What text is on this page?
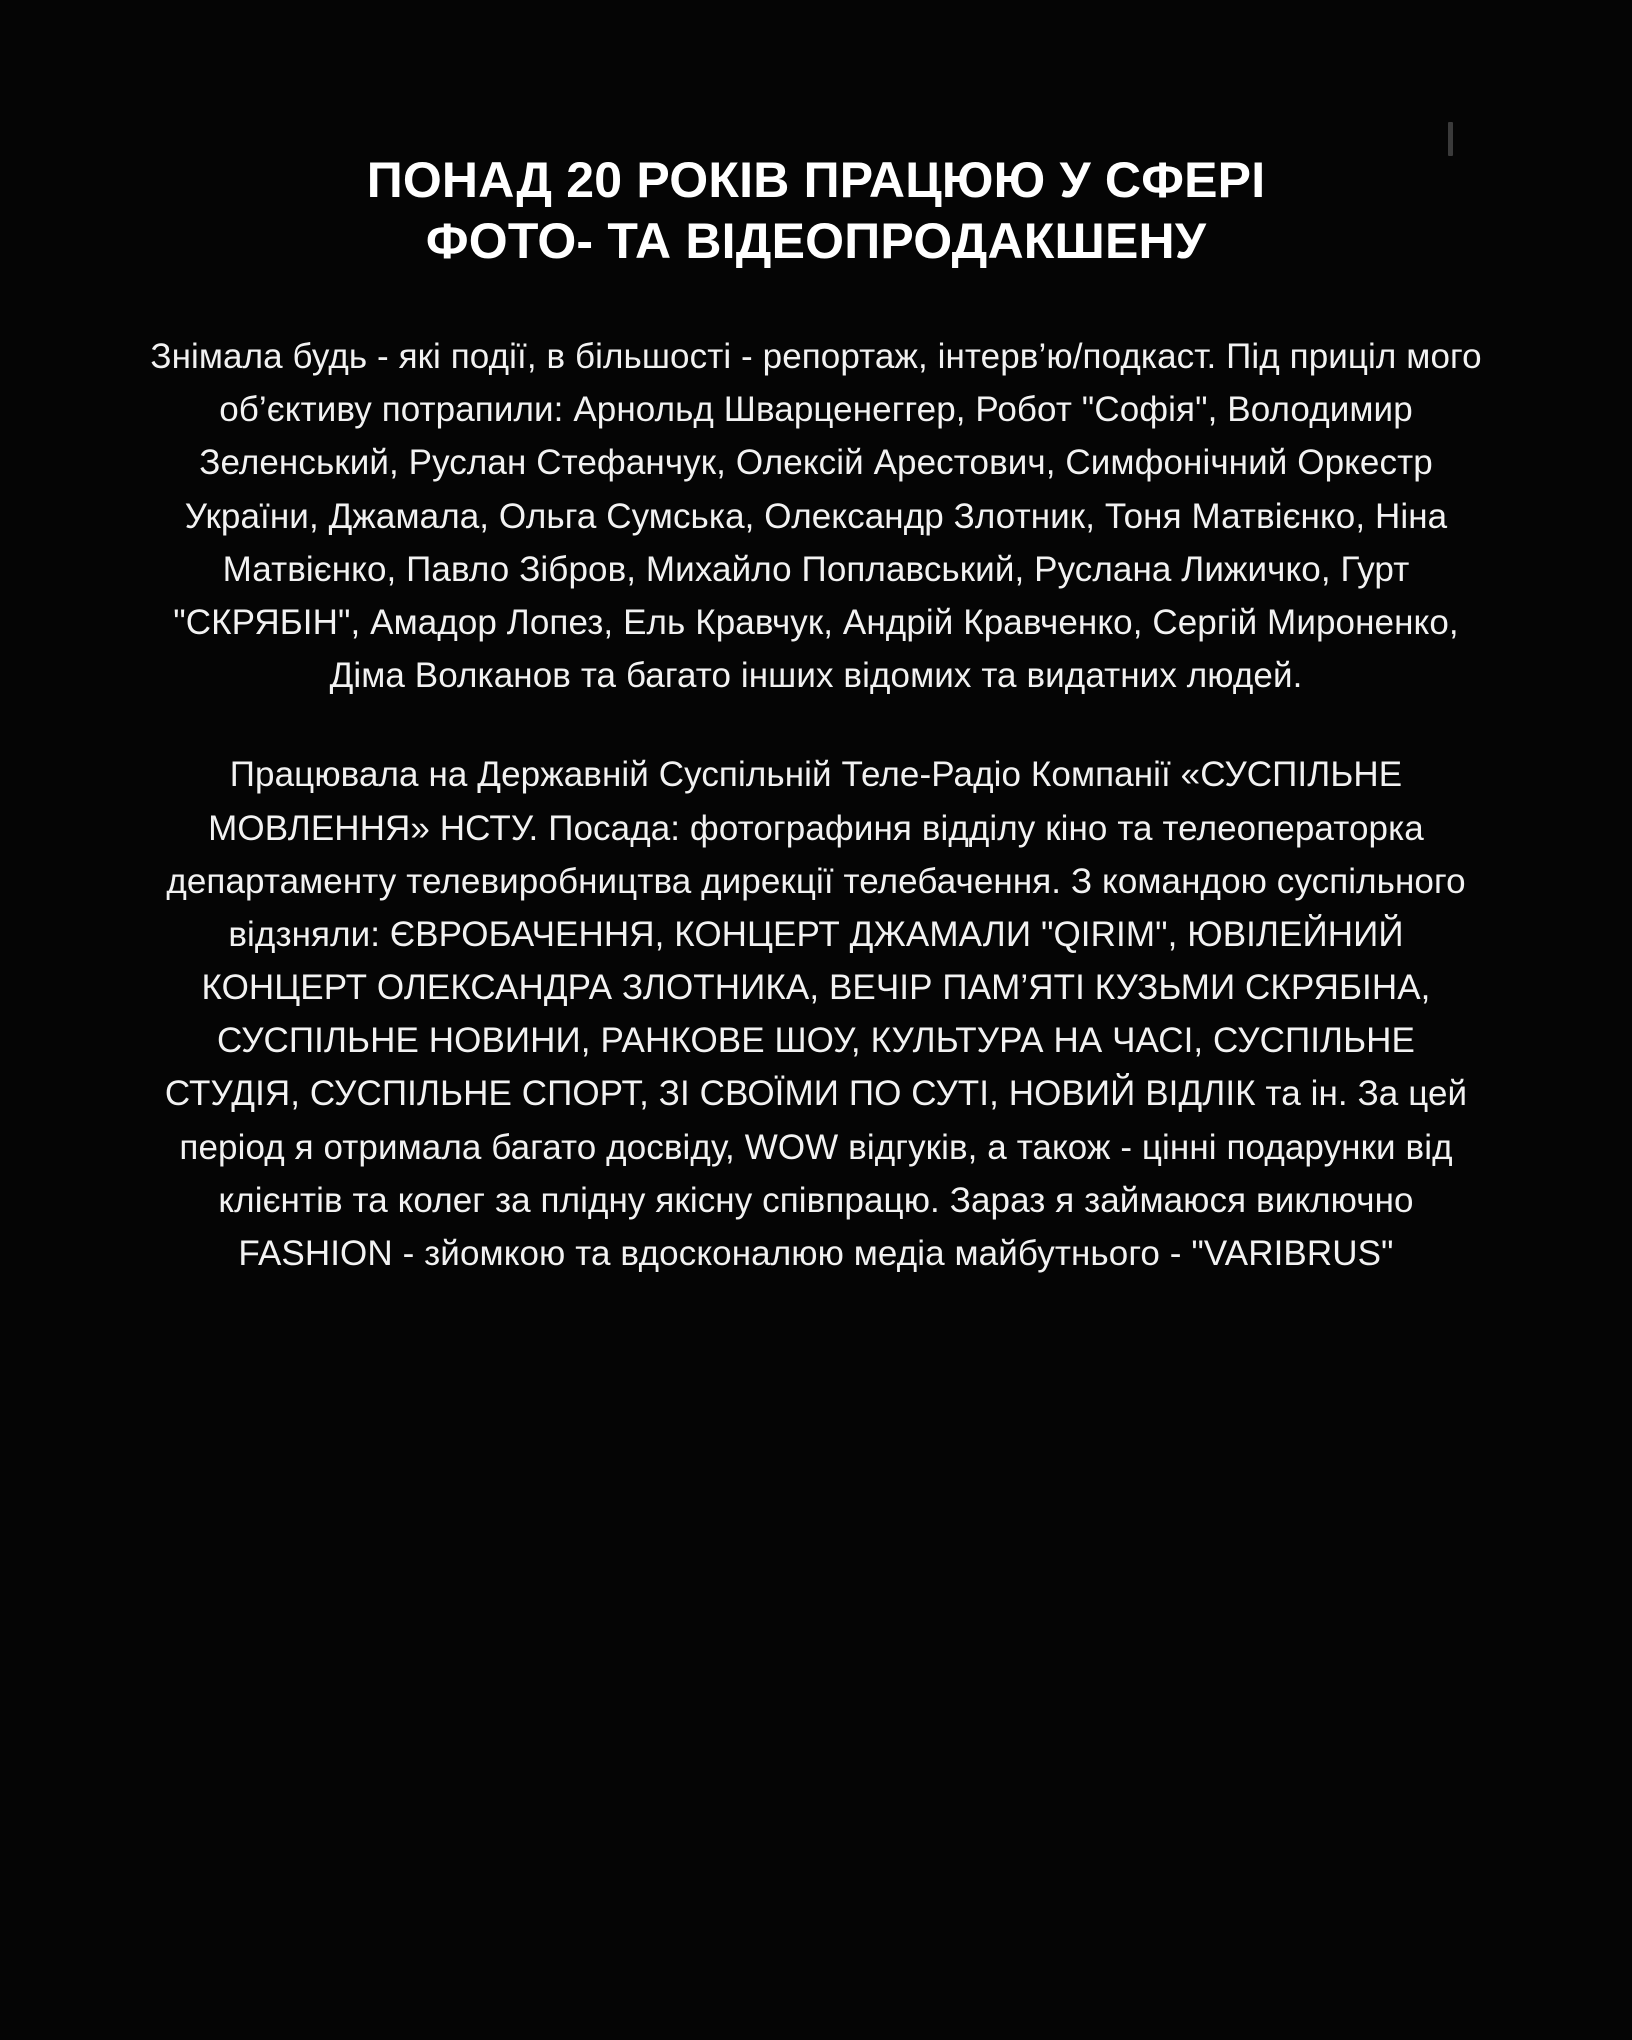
ПОНАД 20 РОКІВ ПРАЦЮЮ У СФЕРІ
ФОТО- ТА ВІДЕОПРОДАКШЕНУ

Знімала будь - які події, в більшості - репортаж, інтерв’ю/подкаст. Під приціл мого об’єктиву потрапили: Арнольд Шварценеггер, Робот "Софія", Володимир Зеленський, Руслан Стефанчук, Олексій Арестович, Симфонічний Оркестр України, Джамала, Ольга Сумська, Олександр Злотник, Тоня Матвієнко, Ніна Матвієнко, Павло Зібров, Михайло Поплавський, Руслана Лижичко, Гурт "СКРЯБІН", Амадор Лопез, Ель Кравчук, Андрій Кравченко, Сергій Мироненко, Діма Волканов та багато інших відомих та видатних людей.

Працювала на Державній Суспільній Теле-Радіо Компанії «СУСПІЛЬНЕ МОВЛЕННЯ» НСТУ. Посада: фотографиня відділу кіно та телеоператорка департаменту телевиробництва дирекції телебачення. З командою суспільного відзняли: ЄВРОБАЧЕННЯ, КОНЦЕРТ ДЖАМАЛИ "QIRIM", ЮВІЛЕЙНИЙ КОНЦЕРТ ОЛЕКСАНДРА ЗЛОТНИКА, ВЕЧІР ПАМ’ЯТІ КУЗЬМИ СКРЯБІНА, СУСПІЛЬНЕ НОВИНИ, РАНКОВЕ ШОУ, КУЛЬТУРА НА ЧАСІ, СУСПІЛЬНЕ СТУДІЯ, СУСПІЛЬНЕ СПОРТ, ЗІ СВОЇМИ ПО СУТІ, НОВИЙ ВІДЛІК та ін. За цей період я отримала багато досвіду, WOW відгуків, а також - цінні подарунки від клієнтів та колег за плідну якісну співпрацю. Зараз я займаюся виключно FASHION - зйомкою та вдосконалюю медіа майбутнього - "VARIBRUS"
